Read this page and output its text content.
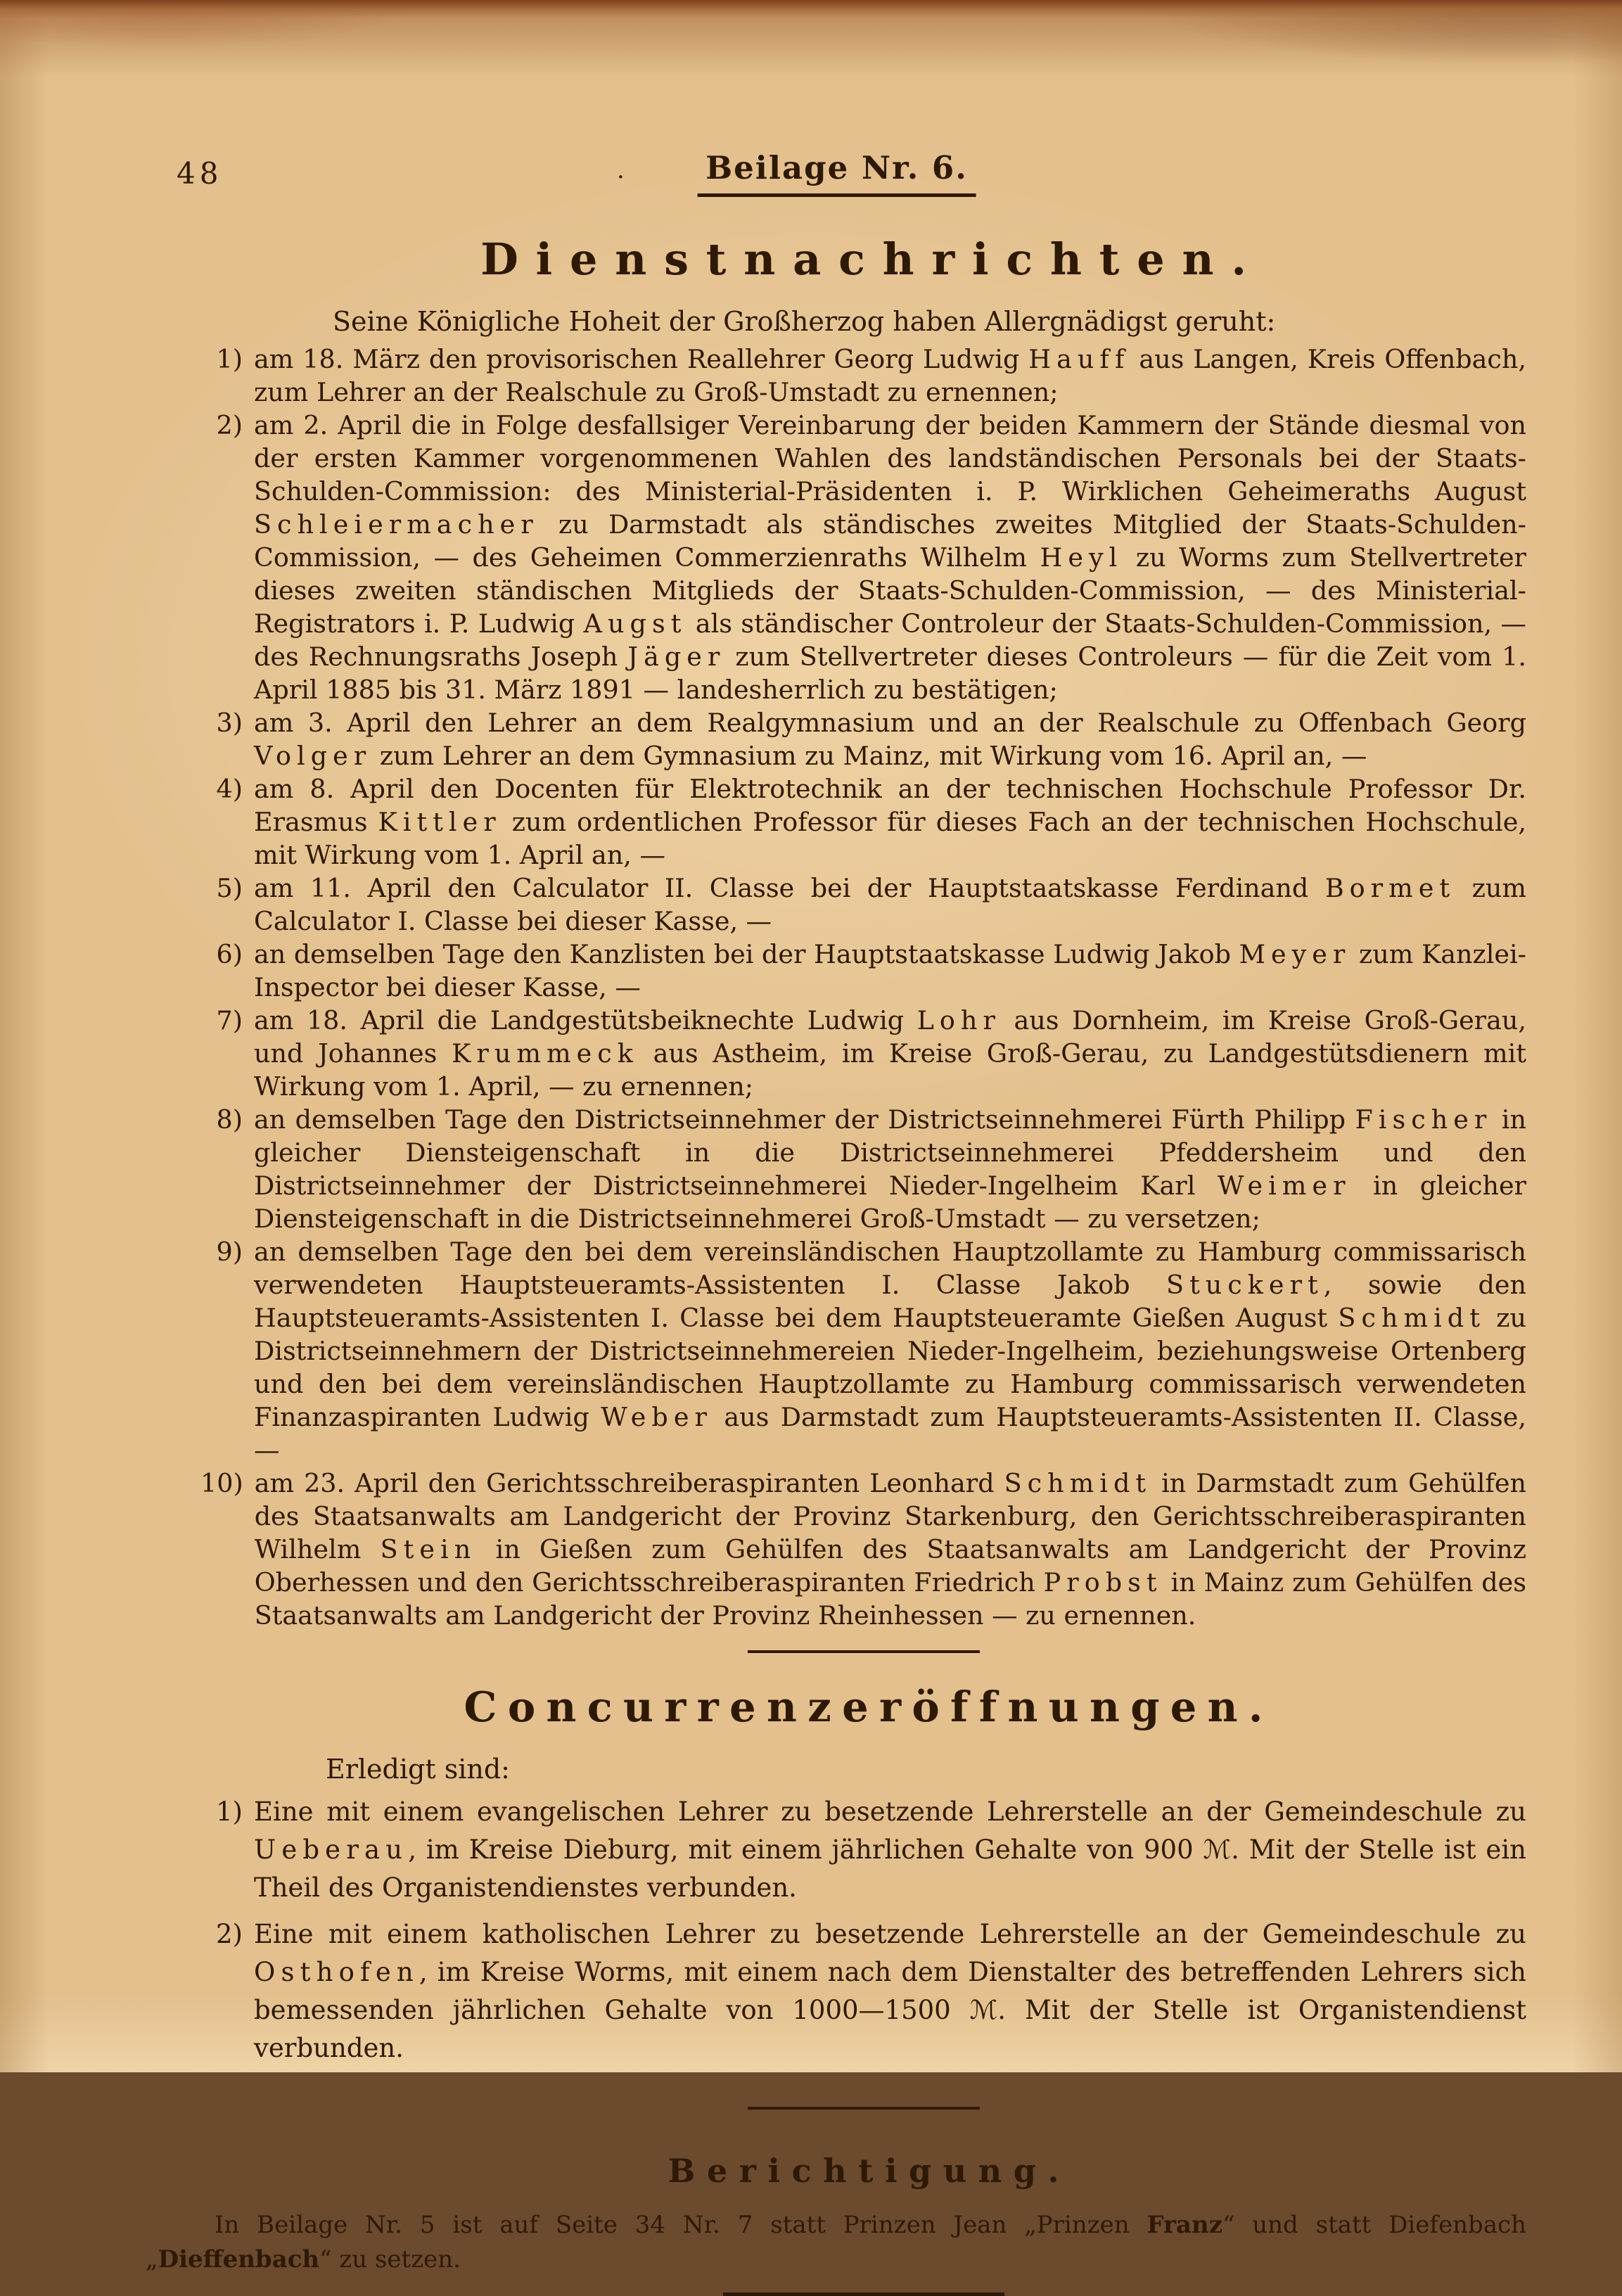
48	·	Beilage Nr. 6.
Dienstnachrichten.

Seine Königliche Hoheit der Großherzog haben Allergnädigst geruht:

1) am 18. März den provisorischen Reallehrer Georg Ludwig Hauff aus Langen, Kreis Offenbach, zum Lehrer an der Realschule zu Groß-Umstadt zu ernennen;
2) am 2. April die in Folge desfallsiger Vereinbarung der beiden Kammern der Stände diesmal von der ersten Kammer vorgenommenen Wahlen des landständischen Personals bei der Staats-Schulden-Commission: des Ministerial-Präsidenten i. P. Wirklichen Geheimeraths August Schleiermacher zu Darmstadt als ständisches zweites Mitglied der Staats-Schulden-Commission, — des Geheimen Commerzienraths Wilhelm Heyl zu Worms zum Stellvertreter dieses zweiten ständischen Mitglieds der Staats-Schulden-Commission, — des Ministerial-Registrators i. P. Ludwig Augst als ständischer Controleur der Staats-Schulden-Commission, — des Rechnungsraths Joseph Jäger zum Stellvertreter dieses Controleurs — für die Zeit vom 1. April 1885 bis 31. März 1891 — landesherrlich zu bestätigen;
3) am 3. April den Lehrer an dem Realgymnasium und an der Realschule zu Offenbach Georg Volger zum Lehrer an dem Gymnasium zu Mainz, mit Wirkung vom 16. April an, —
4) am 8. April den Docenten für Elektrotechnik an der technischen Hochschule Professor Dr. Erasmus Kittler zum ordentlichen Professor für dieses Fach an der technischen Hochschule, mit Wirkung vom 1. April an, —
5) am 11. April den Calculator II. Classe bei der Hauptstaatskasse Ferdinand Bormet zum Calculator I. Classe bei dieser Kasse, —
6) an demselben Tage den Kanzlisten bei der Hauptstaatskasse Ludwig Jakob Meyer zum Kanzlei-Inspector bei dieser Kasse, —
7) am 18. April die Landgestütsbeiknechte Ludwig Lohr aus Dornheim, im Kreise Groß-Gerau, und Johannes Krummeck aus Astheim, im Kreise Groß-Gerau, zu Landgestütsdienern mit Wirkung vom 1. April, — zu ernennen;
8) an demselben Tage den Districtseinnehmer der Districtseinnehmerei Fürth Philipp Fischer in gleicher Diensteigenschaft in die Districtseinnehmerei Pfeddersheim und den Districtseinnehmer der Districtseinnehmerei Nieder-Ingelheim Karl Weimer in gleicher Diensteigenschaft in die Districtseinnehmerei Groß-Umstadt — zu versetzen;
9) an demselben Tage den bei dem vereinsländischen Hauptzollamte zu Hamburg commissarisch verwendeten Hauptsteueramts-Assistenten I. Classe Jakob Stuckert, sowie den Hauptsteueramts-Assistenten I. Classe bei dem Hauptsteueramte Gießen August Schmidt zu Districtseinnehmern der Districtseinnehmereien Nieder-Ingelheim, beziehungsweise Ortenberg und den bei dem vereinsländischen Hauptzollamte zu Hamburg commissarisch verwendeten Finanzaspiranten Ludwig Weber aus Darmstadt zum Hauptsteueramts-Assistenten II. Classe, —
10) am 23. April den Gerichtsschreiberaspiranten Leonhard Schmidt in Darmstadt zum Gehülfen des Staatsanwalts am Landgericht der Provinz Starkenburg, den Gerichtsschreiberaspiranten Wilhelm Stein in Gießen zum Gehülfen des Staatsanwalts am Landgericht der Provinz Oberhessen und den Gerichtsschreiberaspiranten Friedrich Probst in Mainz zum Gehülfen des Staatsanwalts am Landgericht der Provinz Rheinhessen — zu ernennen.
Concurrenzeröffnungen.

Erledigt sind:

1) Eine mit einem evangelischen Lehrer zu besetzende Lehrerstelle an der Gemeindeschule zu Ueberau, im Kreise Dieburg, mit einem jährlichen Gehalte von 900 ℳ. Mit der Stelle ist ein Theil des Organistendienstes verbunden.
2) Eine mit einem katholischen Lehrer zu besetzende Lehrerstelle an der Gemeindeschule zu Osthofen, im Kreise Worms, mit einem nach dem Dienstalter des betreffenden Lehrers sich bemessenden jährlichen Gehalte von 1000—1500 ℳ. Mit der Stelle ist Organistendienst verbunden.
Berichtigung.

In Beilage Nr. 5 ist auf Seite 34 Nr. 7 statt Prinzen Jean „Prinzen Franz“ und statt Diefenbach „Dieffenbach“ zu setzen.
